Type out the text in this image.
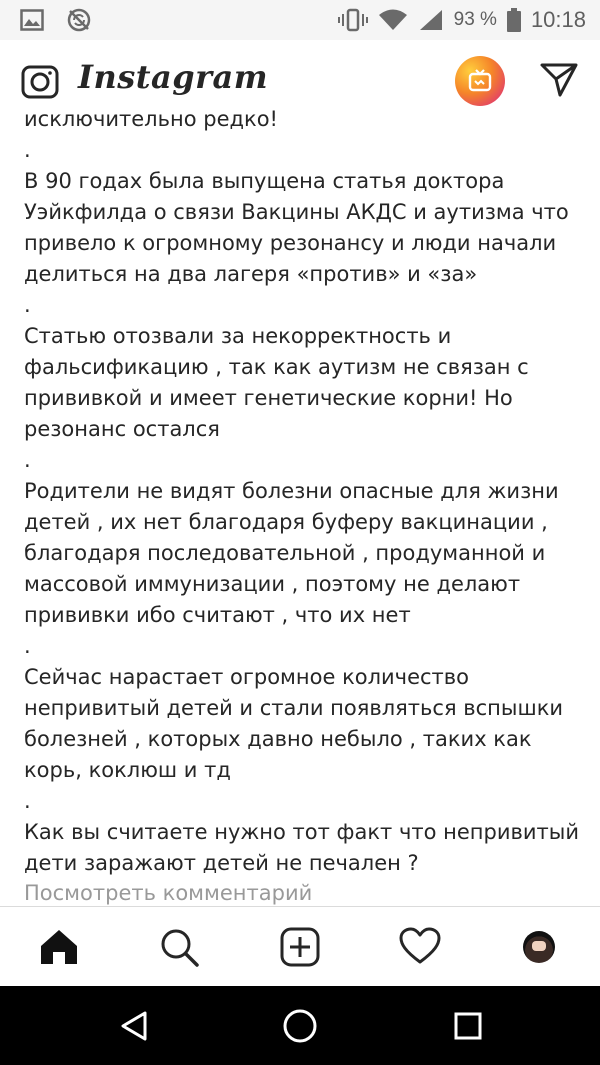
93 % 10:18
Instagram

исключительно редко!
.
В 90 годах была выпущена статья доктора
Уэйкфилда о связи Вакцины АКДС и аутизма что
привело к огромному резонансу и люди начали
делиться на два лагеря «против» и «за»
.
Статью отозвали за некорректность и
фальсификацию , так как аутизм не связан с
прививкой и имеет генетические корни! Но
резонанс остался
.
Родители не видят болезни опасные для жизни
детей , их нет благодаря буферу вакцинации ,
благодаря последовательной , продуманной и
массовой иммунизации , поэтому не делают
прививки ибо считают , что их нет
.
Сейчас нарастает огромное количество
непривитый детей и стали появляться вспышки
болезней , которых давно небыло , таких как
корь, коклюш и тд
.
Как вы считаете нужно тот факт что непривитый
дети заражают детей не печален ?

Посмотреть комментарий
